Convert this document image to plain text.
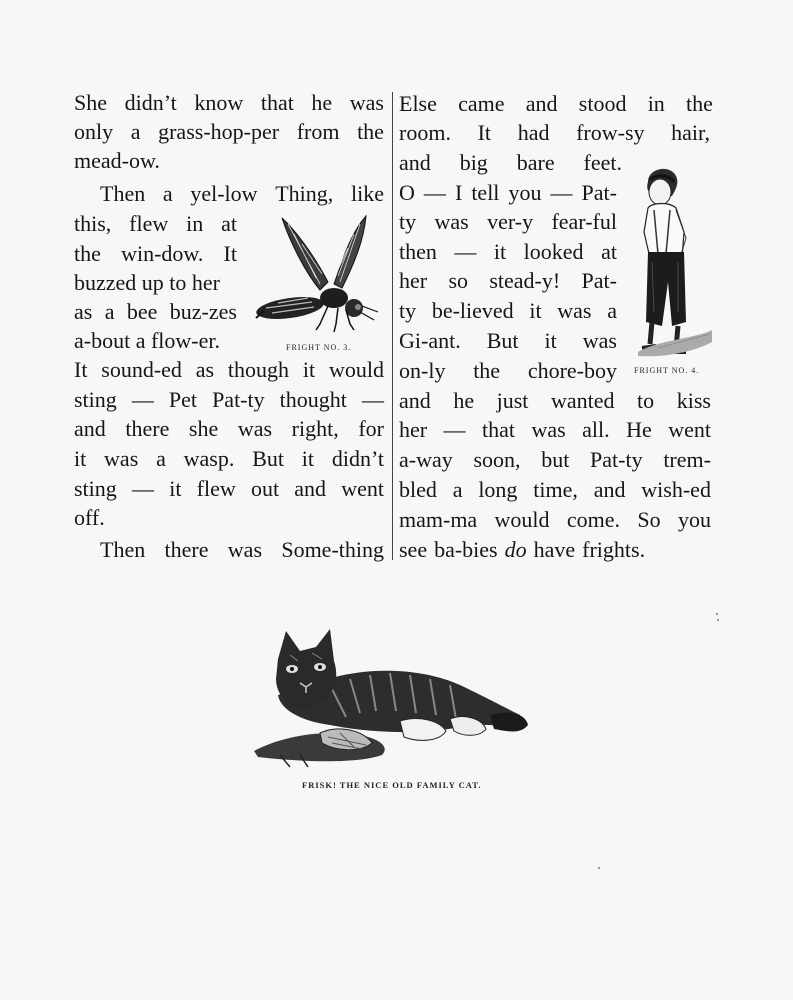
She didn’t know that he was
only a grass-hop-per from the
mead-ow.
Then a yel-low Thing, like
this, flew in at
the win-dow. It
buzzed up to her
as a bee buz-zes
a-bout a flow-er.
It sound-ed as though it would
sting — Pet Pat-ty thought —
and there she was right, for
it was a wasp. But it didn’t
sting — it flew out and went
off.
Then there was Some-thing
Else came and stood in the
room. It had frow-sy hair,
and big bare feet.
O — I tell you — Pat-
ty was ver-y fear-ful
then — it looked at
her so stead-y! Pat-
ty be-lieved it was a
Gi-ant. But it was
on-ly the chore-boy
and he just wanted to kiss
her — that was all. He went
a-way soon, but Pat-ty trem-
bled a long time, and wish-ed
mam-ma would come. So you
see ba-bies do have frights.
FRIGHT NO. 3.
FRIGHT NO. 4.
FRISK! THE NICE OLD FAMILY CAT.
